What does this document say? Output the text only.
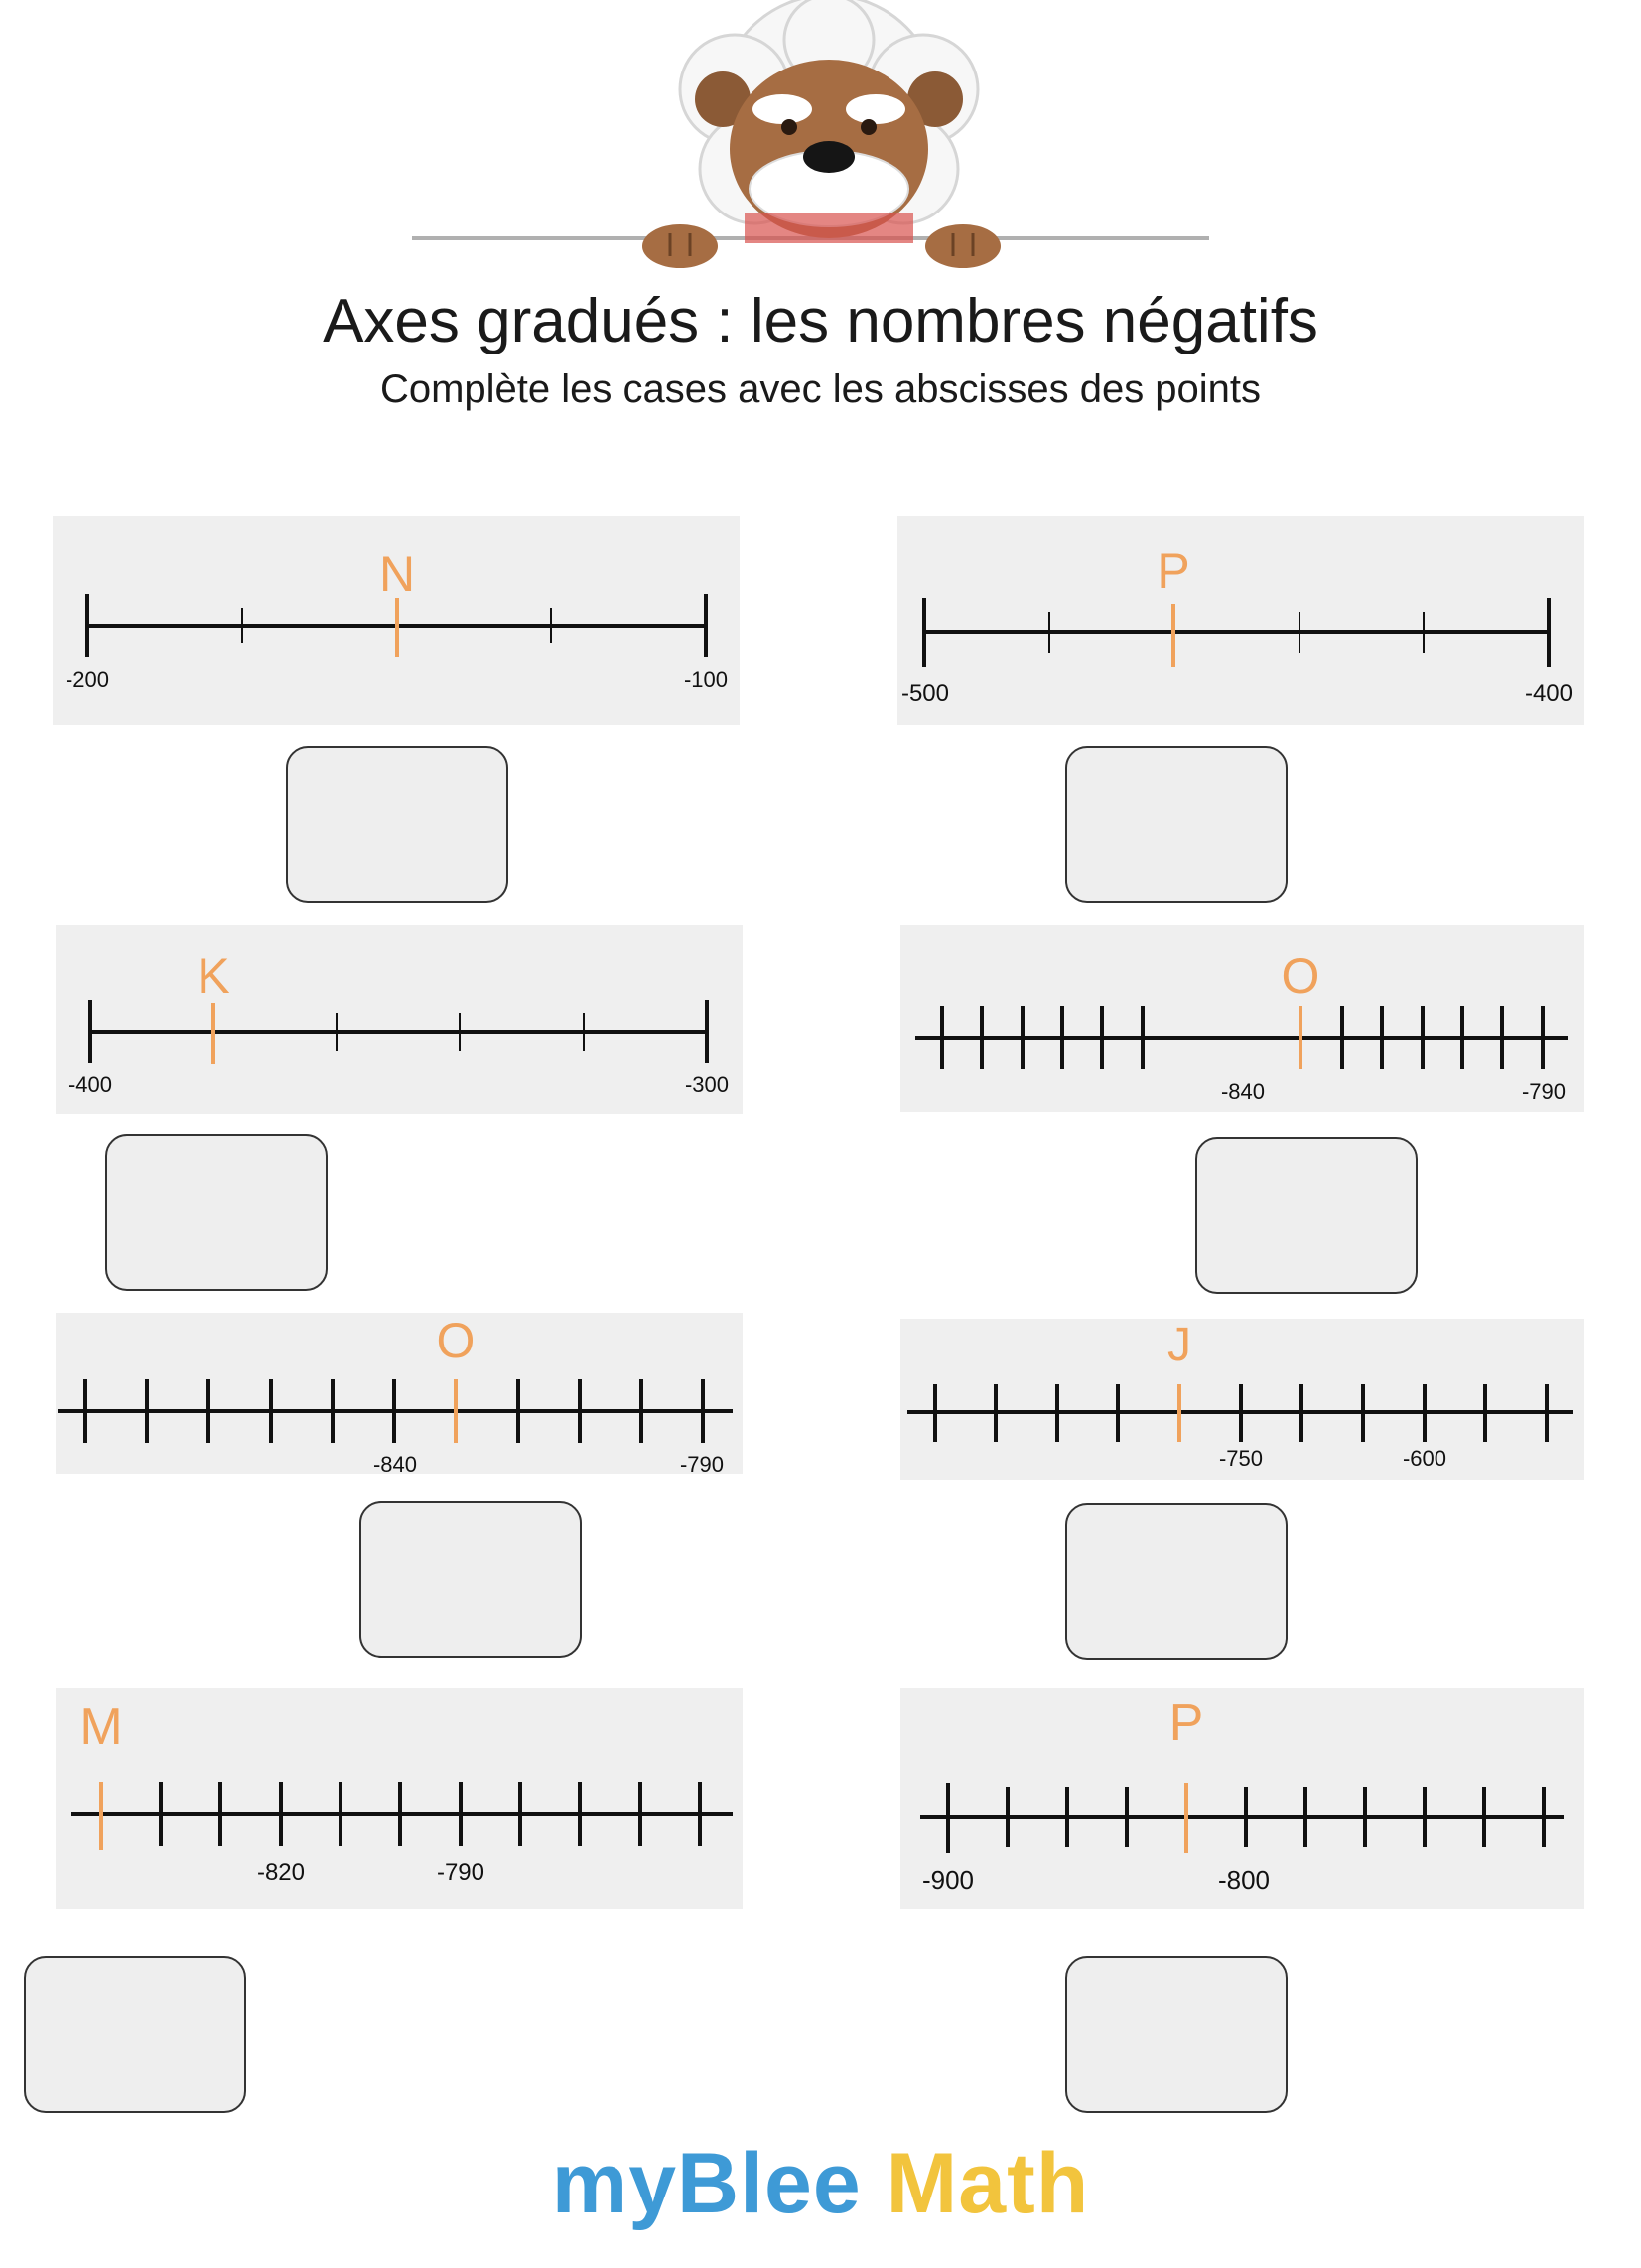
Axes gradués : les nombres négatifs
Complète les cases avec les abscisses des points
N
-200	-100
P
-500	-400
K
-400	-300
O
-840	-790
O
-840	-790
J
-750	-600
M
-820	-790
P
-900	-800
myBlee Math
